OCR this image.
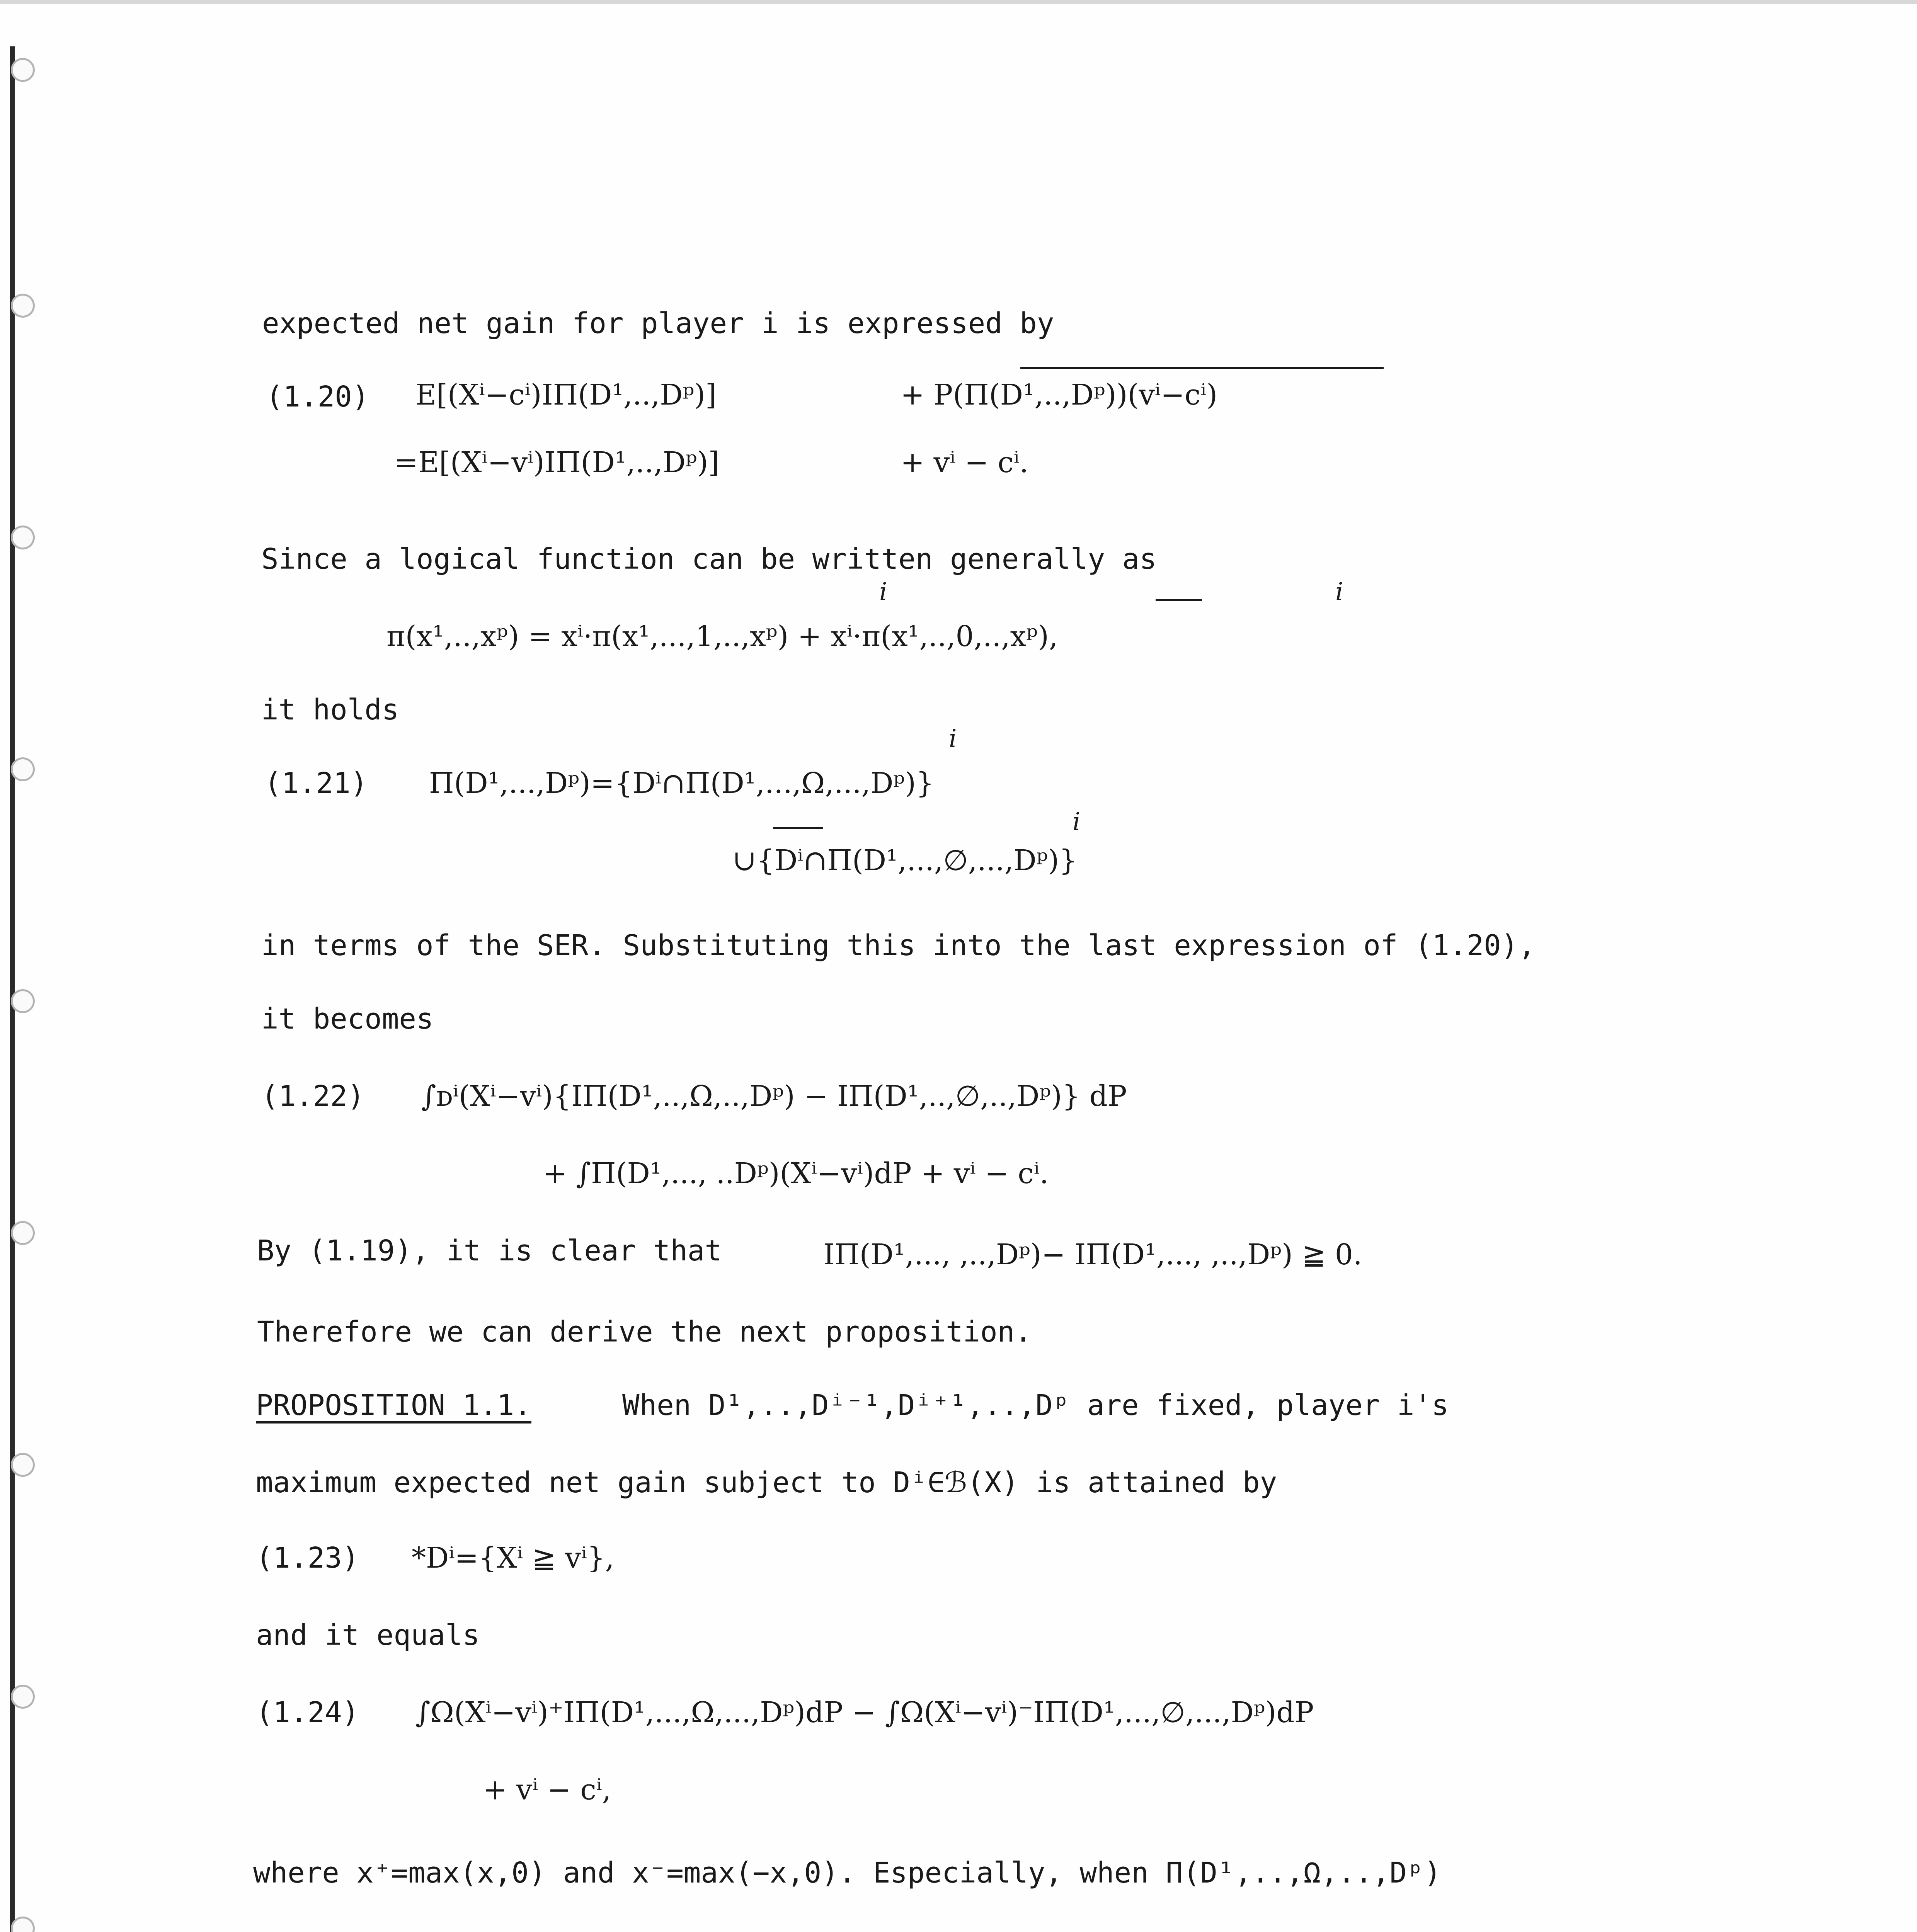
expected net gain for player i is expressed by
(1.20) E[(Xⁱ−cⁱ)IΠ(D¹,..,Dᵖ)]	+ P(Π(D¹,..,Dᵖ))(vⁱ−cⁱ)
=E[(Xⁱ−vⁱ)IΠ(D¹,..,Dᵖ)]	+ vⁱ − cⁱ.
Since a logical function can be written generally as
i	i
π(x¹,..,xᵖ) = xⁱ·π(x¹,...,1,..,xᵖ) + xⁱ·π(x¹,..,0,..,xᵖ),
it holds
(1.21)
i
Π(D¹,...,Dᵖ)={Dⁱ∩Π(D¹,...,Ω,...,Dᵖ)}
i
∪{Dⁱ∩Π(D¹,...,∅,...,Dᵖ)}
in terms of the SER. Substituting this into the last expression of (1.20),
it becomes
(1.22) ∫ᴅⁱ(Xⁱ−vⁱ){IΠ(D¹,..,Ω,..,Dᵖ) − IΠ(D¹,..,∅,..,Dᵖ)} dP
+ ∫Π(D¹,..., ..Dᵖ)(Xⁱ−vⁱ)dP + vⁱ − cⁱ.
By (1.19), it is clear that	IΠ(D¹,..., ,..,Dᵖ)− IΠ(D¹,..., ,..,Dᵖ) ≧ 0.
Therefore we can derive the next proposition.
PROPOSITION 1.1.	When D¹,..,Dⁱ⁻¹,Dⁱ⁺¹,..,Dᵖ are fixed, player i's
maximum expected net gain subject to Dⁱ∈ℬ(X) is attained by
(1.23) *Dⁱ={Xⁱ ≧ vⁱ},
and it equals
(1.24) ∫Ω(Xⁱ−vⁱ)⁺IΠ(D¹,...,Ω,...,Dᵖ)dP − ∫Ω(Xⁱ−vⁱ)⁻IΠ(D¹,...,∅,...,Dᵖ)dP
+ vⁱ − cⁱ,
where x⁺=max(x,0) and x⁻=max(−x,0). Especially, when Π(D¹,..,Ω,..,Dᵖ)
